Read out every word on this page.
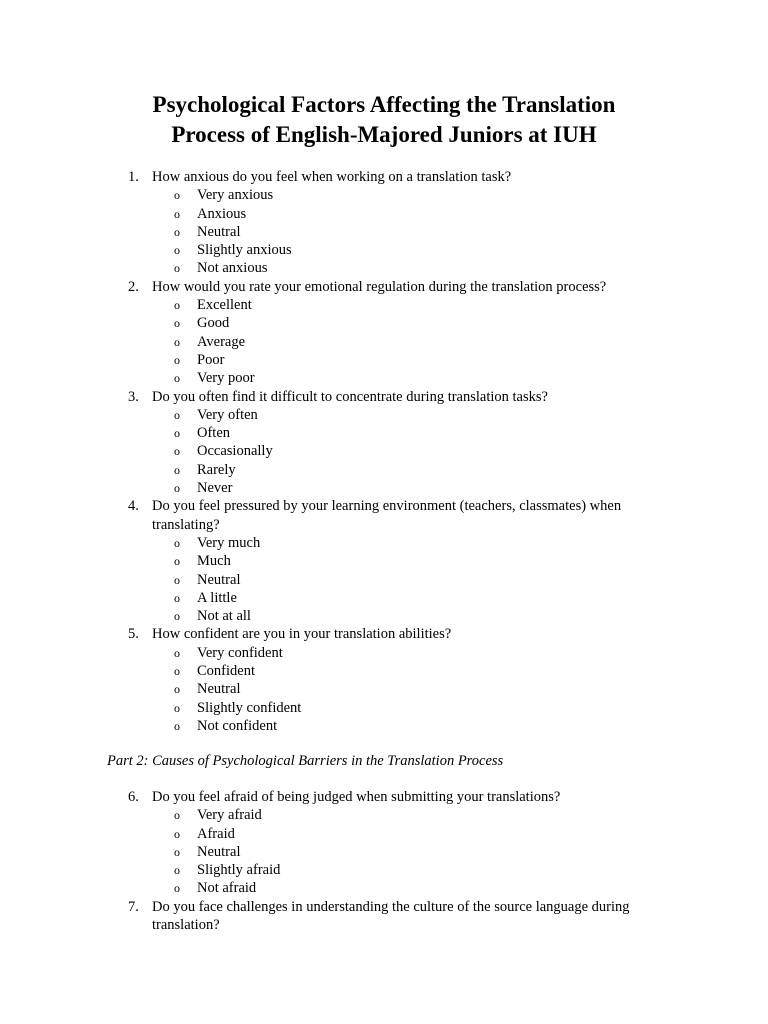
Psychological Factors Affecting the Translation
Process of English-Majored Juniors at IUH
1. How anxious do you feel when working on a translation task?
o Very anxious
o Anxious
o Neutral
o Slightly anxious
o Not anxious
2. How would you rate your emotional regulation during the translation process?
o Excellent
o Good
o Average
o Poor
o Very poor
3. Do you often find it difficult to concentrate during translation tasks?
o Very often
o Often
o Occasionally
o Rarely
o Never
4. Do you feel pressured by your learning environment (teachers, classmates) when translating?
o Very much
o Much
o Neutral
o A little
o Not at all
5. How confident are you in your translation abilities?
o Very confident
o Confident
o Neutral
o Slightly confident
o Not confident

Part 2: Causes of Psychological Barriers in the Translation Process

6. Do you feel afraid of being judged when submitting your translations?
o Very afraid
o Afraid
o Neutral
o Slightly afraid
o Not afraid
7. Do you face challenges in understanding the culture of the source language during translation?
